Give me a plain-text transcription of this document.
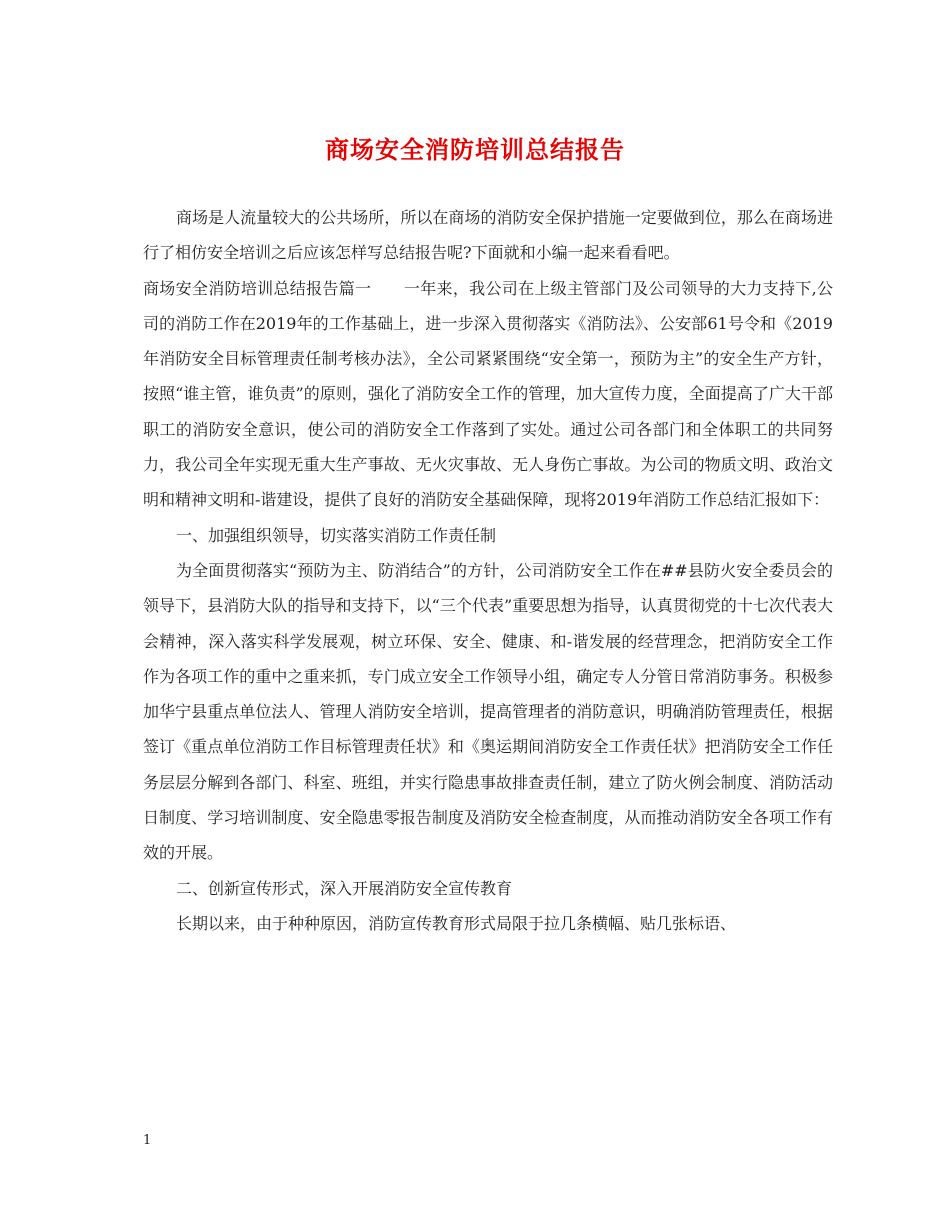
商场安全消防培训总结报告

商场是人流量较大的公共场所，所以在商场的消防安全保护措施一定要做到位，那么在商场进行了相仿安全培训之后应该怎样写总结报告呢?下面就和小编一起来看看吧。

商场安全消防培训总结报告篇一　　一年来，我公司在上级主管部门及公司领导的大力支持下,公司的消防工作在2019年的工作基础上，进一步深入贯彻落实《消防法》、公安部61号令和《2019年消防安全目标管理责任制考核办法》，全公司紧紧围绕“安全第一，预防为主”的安全生产方针，按照“谁主管，谁负责”的原则，强化了消防安全工作的管理，加大宣传力度，全面提高了广大干部职工的消防安全意识，使公司的消防安全工作落到了实处。通过公司各部门和全体职工的共同努力，我公司全年实现无重大生产事故、无火灾事故、无人身伤亡事故。为公司的物质文明、政治文明和精神文明和-谐建设，提供了良好的消防安全基础保障，现将2019年消防工作总结汇报如下：

一、加强组织领导，切实落实消防工作责任制

为全面贯彻落实“预防为主、防消结合”的方针，公司消防安全工作在##县防火安全委员会的领导下，县消防大队的指导和支持下，以“三个代表”重要思想为指导，认真贯彻党的十七次代表大会精神，深入落实科学发展观，树立环保、安全、健康、和-谐发展的经营理念，把消防安全工作作为各项工作的重中之重来抓，专门成立安全工作领导小组，确定专人分管日常消防事务。积极参加华宁县重点单位法人、管理人消防安全培训，提高管理者的消防意识，明确消防管理责任，根据签订《重点单位消防工作目标管理责任状》和《奥运期间消防安全工作责任状》把消防安全工作任务层层分解到各部门、科室、班组，并实行隐患事故排查责任制，建立了防火例会制度、消防活动日制度、学习培训制度、安全隐患零报告制度及消防安全检查制度，从而推动消防安全各项工作有效的开展。

二、创新宣传形式，深入开展消防安全宣传教育

长期以来，由于种种原因，消防宣传教育形式局限于拉几条横幅、贴几张标语、

1
